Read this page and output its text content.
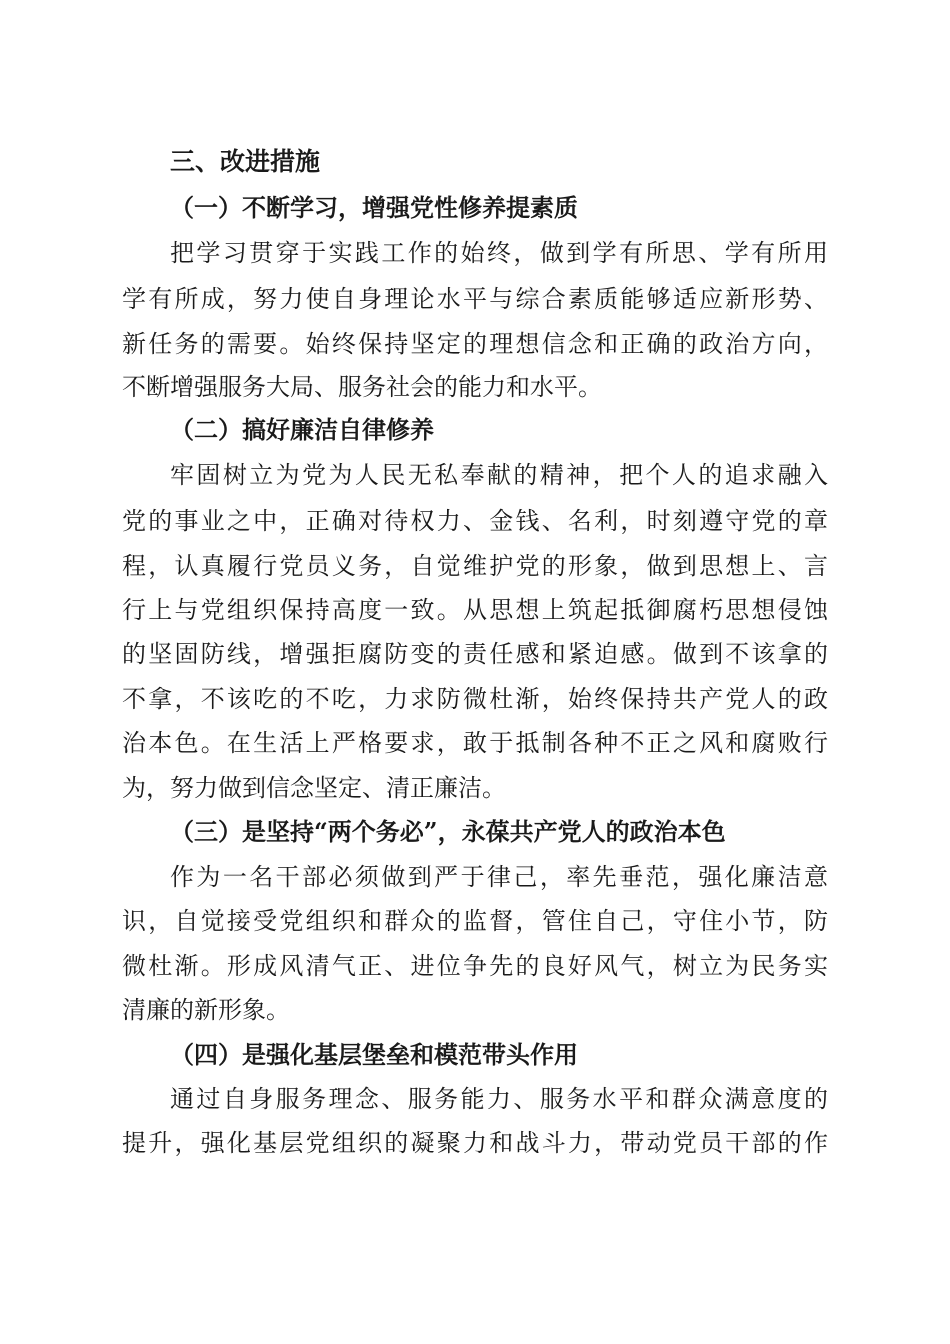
三、改进措施
（一）不断学习，增强党性修养提素质
把学习贯穿于实践工作的始终，做到学有所思、学有所用
学有所成，努力使自身理论水平与综合素质能够适应新形势、
新任务的需要。始终保持坚定的理想信念和正确的政治方向，
不断增强服务大局、服务社会的能力和水平。
（二）搞好廉洁自律修养
牢固树立为党为人民无私奉献的精神，把个人的追求融入
党的事业之中，正确对待权力、金钱、名利，时刻遵守党的章
程，认真履行党员义务，自觉维护党的形象，做到思想上、言
行上与党组织保持高度一致。从思想上筑起抵御腐朽思想侵蚀
的坚固防线，增强拒腐防变的责任感和紧迫感。做到不该拿的
不拿，不该吃的不吃，力求防微杜渐，始终保持共产党人的政
治本色。在生活上严格要求，敢于抵制各种不正之风和腐败行
为，努力做到信念坚定、清正廉洁。
（三）是坚持“两个务必”，永葆共产党人的政治本色
作为一名干部必须做到严于律己，率先垂范，强化廉洁意
识，自觉接受党组织和群众的监督，管住自己，守住小节，防
微杜渐。形成风清气正、进位争先的良好风气，树立为民务实
清廉的新形象。
（四）是强化基层堡垒和模范带头作用
通过自身服务理念、服务能力、服务水平和群众满意度的
提升，强化基层党组织的凝聚力和战斗力，带动党员干部的作
